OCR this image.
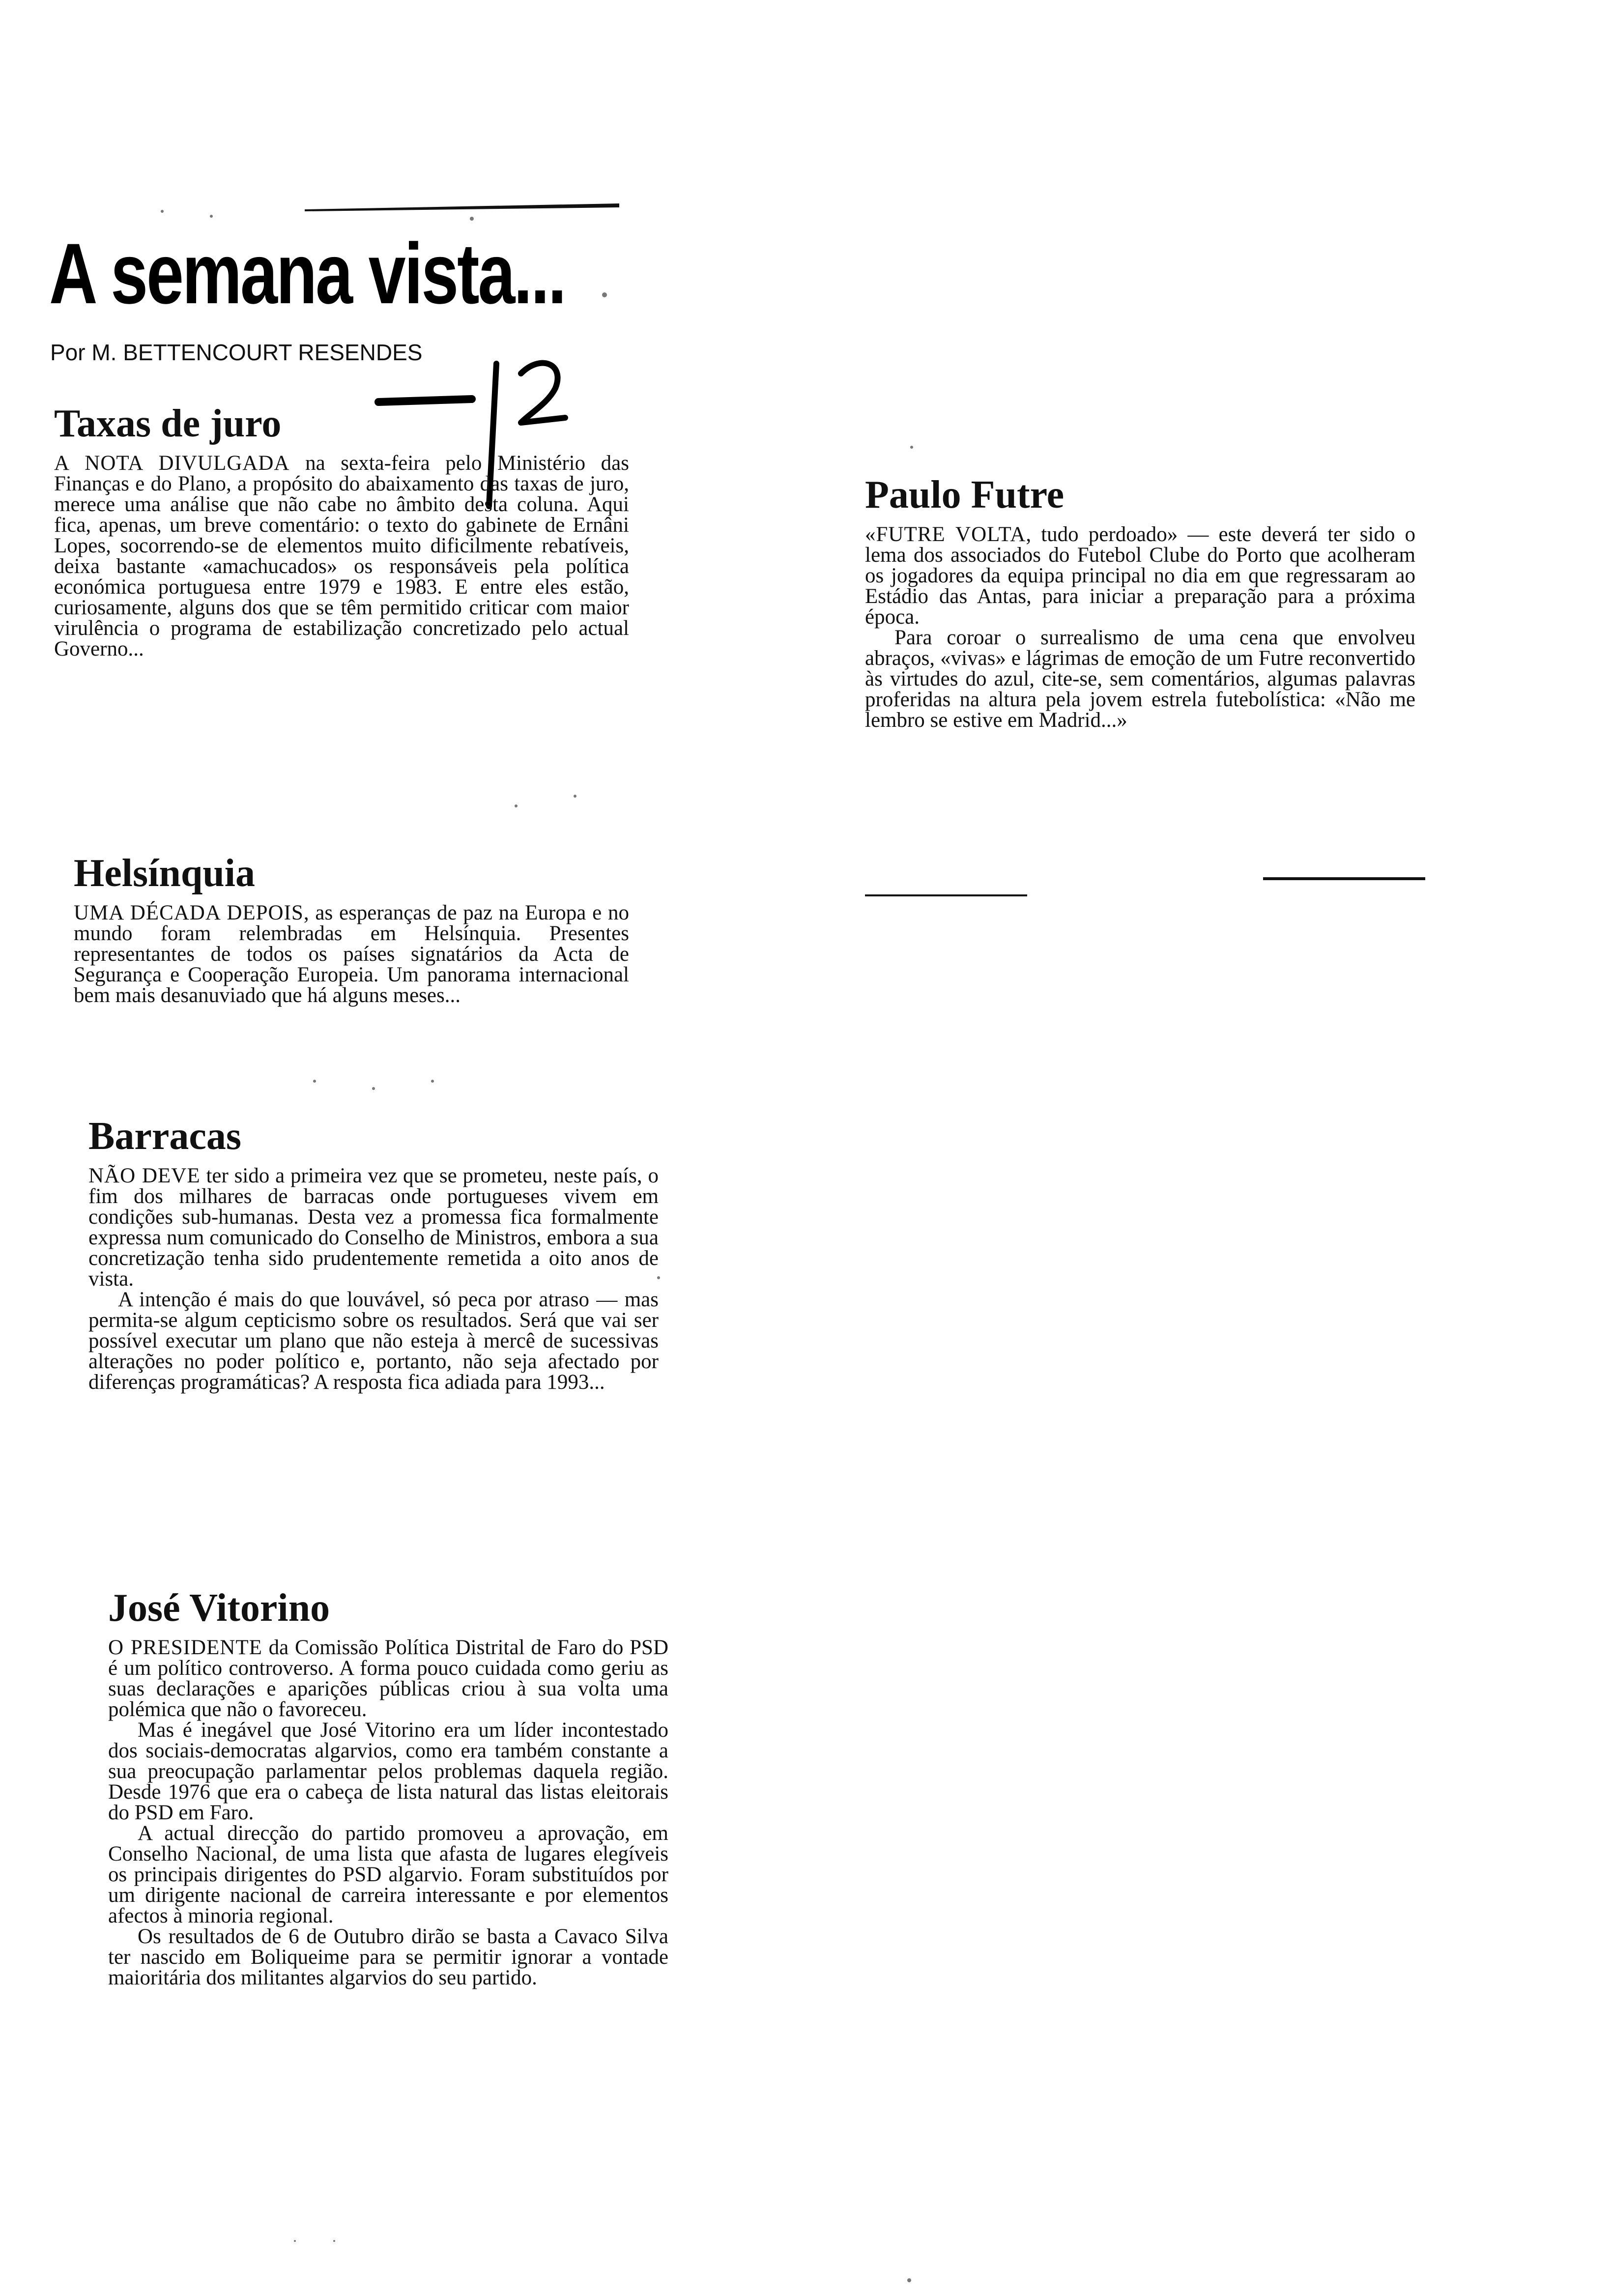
A semana vista...
Por M. BETTENCOURT RESENDES
Taxas de juro

A NOTA DIVULGADA na sexta-feira pelo Ministério das Finanças e do Plano, a propósito do abaixamento das taxas de juro, merece uma análise que não cabe no âmbito desta coluna. Aqui fica, apenas, um breve comentário: o texto do gabinete de Ernâni Lopes, socorrendo-se de elementos muito dificilmente rebatíveis, deixa bastante «amachucados» os responsáveis pela política económica portuguesa entre 1979 e 1983. E entre eles estão, curiosamente, alguns dos que se têm permitido criticar com maior virulência o programa de estabilização concretizado pelo actual Governo...

Helsínquia

UMA DÉCADA DEPOIS, as esperanças de paz na Europa e no mundo foram relembradas em Helsínquia. Presentes representantes de todos os países signatários da Acta de Segurança e Cooperação Europeia. Um panorama internacional bem mais desanuviado que há alguns meses...

Barracas

NÃO DEVE ter sido a primeira vez que se prometeu, neste país, o fim dos milhares de barracas onde portugueses vivem em condições sub-humanas. Desta vez a promessa fica formalmente expressa num comunicado do Conselho de Ministros, embora a sua concretização tenha sido prudentemente remetida a oito anos de vista.

A intenção é mais do que louvável, só peca por atraso — mas permita-se algum cepticismo sobre os resultados. Será que vai ser possível executar um plano que não esteja à mercê de sucessivas alterações no poder político e, portanto, não seja afectado por diferenças programáticas? A resposta fica adiada para 1993...

José Vitorino

O PRESIDENTE da Comissão Política Distrital de Faro do PSD é um político controverso. A forma pouco cuidada como geriu as suas declarações e aparições públicas criou à sua volta uma polémica que não o favoreceu.

Mas é inegável que José Vitorino era um líder incontestado dos sociais-democratas algarvios, como era também constante a sua preocupação parlamentar pelos problemas daquela região. Desde 1976 que era o cabeça de lista natural das listas eleitorais do PSD em Faro.

A actual direcção do partido promoveu a aprovação, em Conselho Nacional, de uma lista que afasta de lugares elegíveis os principais dirigentes do PSD algarvio. Foram substituídos por um dirigente nacional de carreira interessante e por elementos afectos à minoria regional.

Os resultados de 6 de Outubro dirão se basta a Cavaco Silva ter nascido em Boliqueime para se permitir ignorar a vontade maioritária dos militantes algarvios do seu partido.

Paulo Futre

«FUTRE VOLTA, tudo perdoado» — este deverá ter sido o lema dos associados do Futebol Clube do Porto que acolheram os jogadores da equipa principal no dia em que regressaram ao Estádio das Antas, para iniciar a preparação para a próxima época.

Para coroar o surrealismo de uma cena que envolveu abraços, «vivas» e lágrimas de emoção de um Futre reconvertido às virtudes do azul, cite-se, sem comentários, algumas palavras proferidas na altura pela jovem estrela futebolística: «Não me lembro se estive em Madrid...»
